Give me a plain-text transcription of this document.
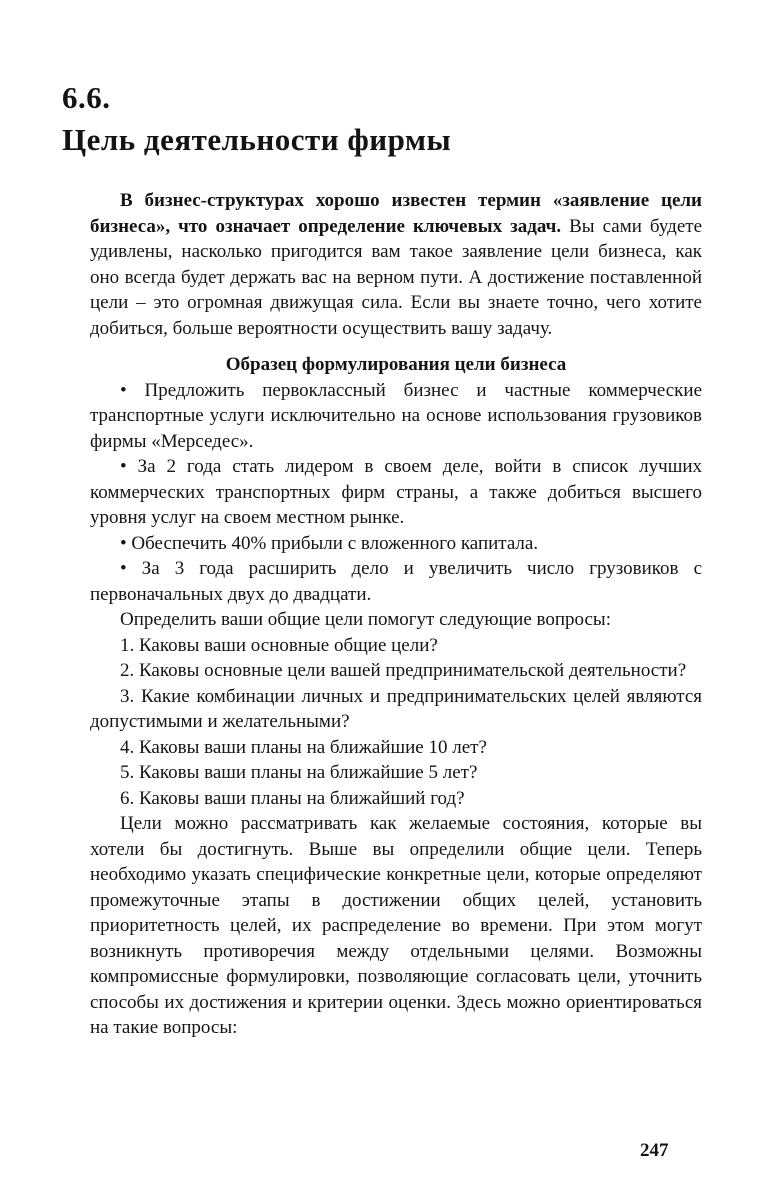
6.6.
Цель деятельности фирмы

В бизнес-структурах хорошо известен термин «заявление цели бизнеса», что означает определение ключевых задач. Вы сами будете удивлены, насколько пригодится вам такое заявление цели бизнеса, как оно всегда будет держать вас на верном пути. А достижение поставленной цели – это огромная движущая сила. Если вы знаете точно, чего хотите добиться, больше вероятности осуществить вашу задачу.

Образец формулирования цели бизнеса

• Предложить первоклассный бизнес и частные коммерческие транспортные услуги исключительно на основе использования грузовиков фирмы «Мерседес».

• За 2 года стать лидером в своем деле, войти в список лучших коммерческих транспортных фирм страны, а также добиться высшего уровня услуг на своем местном рынке.

• Обеспечить 40% прибыли с вложенного капитала.

• За 3 года расширить дело и увеличить число грузовиков с первоначальных двух до двадцати.

Определить ваши общие цели помогут следующие вопросы:

1. Каковы ваши основные общие цели?

2. Каковы основные цели вашей предпринимательской деятельности?

3. Какие комбинации личных и предпринимательских целей являются допустимыми и желательными?

4. Каковы ваши планы на ближайшие 10 лет?

5. Каковы ваши планы на ближайшие 5 лет?

6. Каковы ваши планы на ближайший год?

Цели можно рассматривать как желаемые состояния, которые вы хотели бы достигнуть. Выше вы определили общие цели. Теперь необходимо указать специфические конкретные цели, которые определяют промежуточные этапы в достижении общих целей, установить приоритетность целей, их распределение во времени. При этом могут возникнуть противоречия между отдельными целями. Возможны компромиссные формулировки, позволяющие согласовать цели, уточнить способы их достижения и критерии оценки. Здесь можно ориентироваться на такие вопросы:

247
